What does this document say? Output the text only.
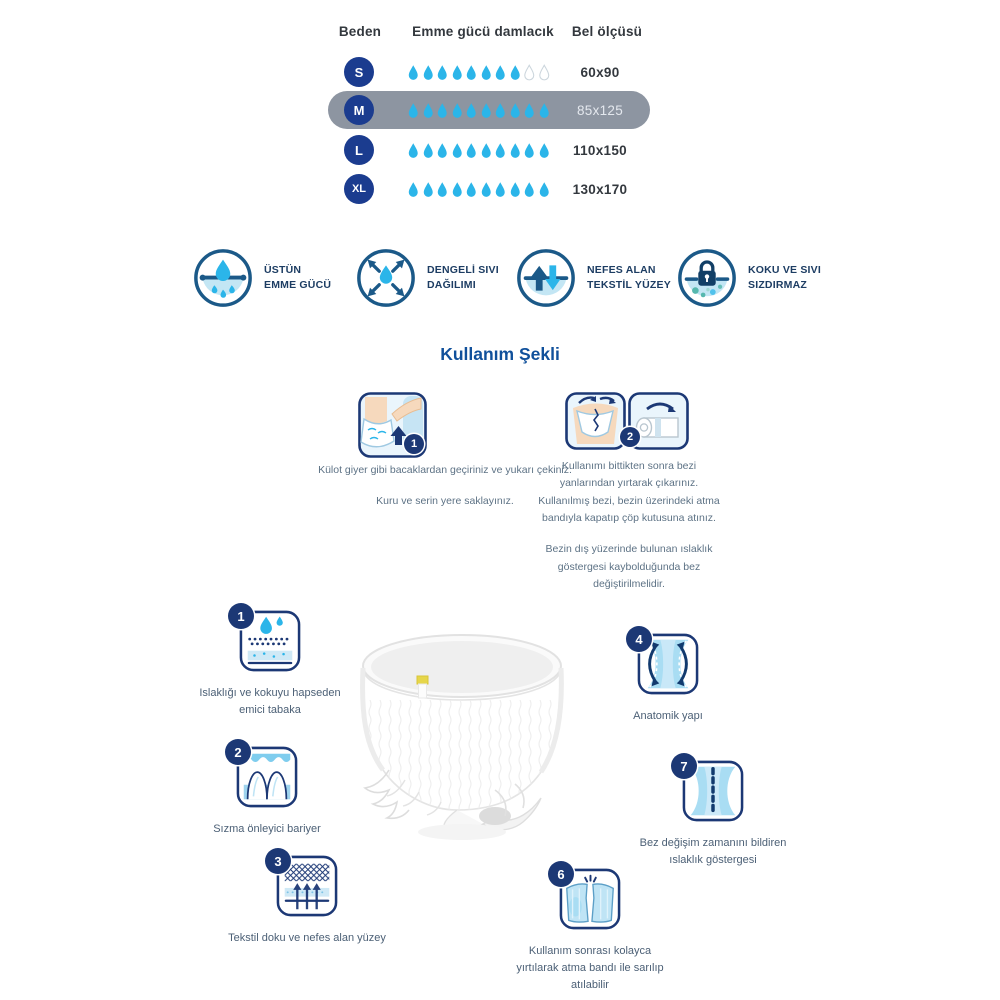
Beden	Emme gücü damlacık	Bel ölçüsü
S	60x90
M	85x125
L	110x150
XL	130x170
ÜSTÜN
EMME GÜCÜ
DENGELİ SIVI
DAĞILIMI
NEFES ALAN
TEKSTİL YÜZEY
KOKU VE SIVI
SIZDIRMAZ
Kullanım Şekli
1

Külot giyer gibi bacaklardan geçiriniz ve yukarı çekiniz.

Kuru ve serin yere saklayınız.

2

Kullanımı bittikten sonra bezi yanlarından yırtarak çıkarınız. Kullanılmış bezi, bezin üzerindeki atma bandıyla kapatıp çöp kutusuna atınız.

Bezin dış yüzerinde bulunan ıslaklık göstergesi kaybolduğunda bez değiştirilmelidir.

1
Islaklığı ve kokuyu hapseden emici tabaka
2
Sızma önleyici bariyer
3
Tekstil doku ve nefes alan yüzey
4
Anatomik yapı
7
Bez değişim zamanını bildiren ıslaklık göstergesi
6
Kullanım sonrası kolayca yırtılarak atma bandı ile sarılıp atılabilir
